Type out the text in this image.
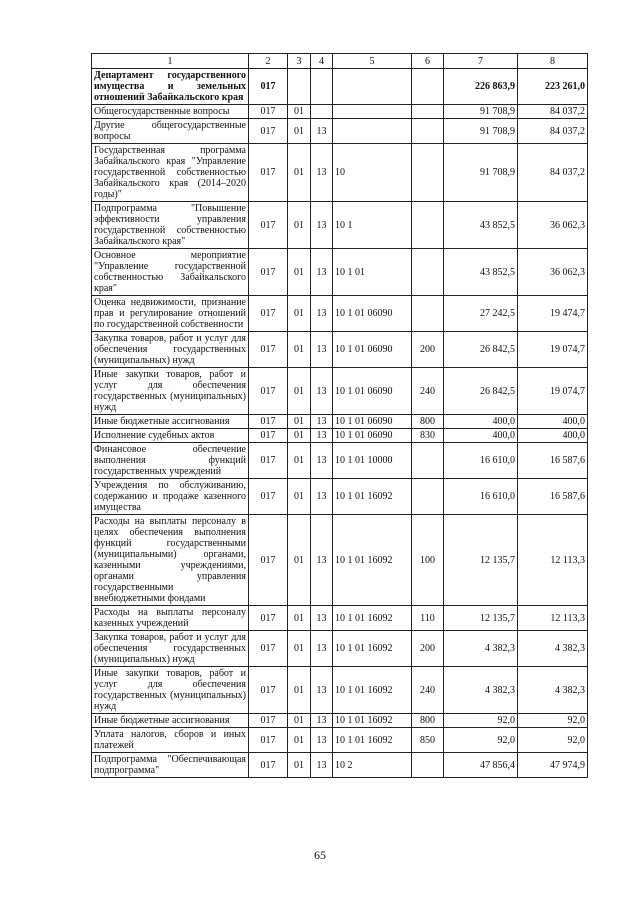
1	2	3	4	5	6	7	8
Департамент государственного имущества и земельных отношений Забайкальского края	017					226 863,9	223 261,0
Общегосударственные вопросы	017	01				91 708,9	84 037,2
Другие общегосударственные вопросы	017	01	13			91 708,9	84 037,2
Государственная программа Забайкальского края "Управление государственной собственностью Забайкальского края (2014–2020 годы)"	017	01	13	10		91 708,9	84 037,2
Подпрограмма "Повышение эффективности управления государственной собственностью Забайкальского края"	017	01	13	10 1		43 852,5	36 062,3
Основное мероприятие "Управление государственной собственностью Забайкальского края"	017	01	13	10 1 01		43 852,5	36 062,3
Оценка недвижимости, признание прав и регулирование отношений по государственной собственности	017	01	13	10 1 01 06090		27 242,5	19 474,7
Закупка товаров, работ и услуг для обеспечения государственных (муниципальных) нужд	017	01	13	10 1 01 06090	200	26 842,5	19 074,7
Иные закупки товаров, работ и услуг для обеспечения государственных (муниципальных) нужд	017	01	13	10 1 01 06090	240	26 842,5	19 074,7
Иные бюджетные ассигнования	017	01	13	10 1 01 06090	800	400,0	400,0
Исполнение судебных актов	017	01	13	10 1 01 06090	830	400,0	400,0
Финансовое обеспечение выполнения функций государственных учреждений	017	01	13	10 1 01 10000		16 610,0	16 587,6
Учреждения по обслуживанию, содержанию и продаже казенного имущества	017	01	13	10 1 01 16092		16 610,0	16 587,6
Расходы на выплаты персоналу в целях обеспечения выполнения функций государственными (муниципальными) органами, казенными учреждениями, органами управления государственными внебюджетными фондами	017	01	13	10 1 01 16092	100	12 135,7	12 113,3
Расходы на выплаты персоналу казенных учреждений	017	01	13	10 1 01 16092	110	12 135,7	12 113,3
Закупка товаров, работ и услуг для обеспечения государственных (муниципальных) нужд	017	01	13	10 1 01 16092	200	4 382,3	4 382,3
Иные закупки товаров, работ и услуг для обеспечения государственных (муниципальных) нужд	017	01	13	10 1 01 16092	240	4 382,3	4 382,3
Иные бюджетные ассигнования	017	01	13	10 1 01 16092	800	92,0	92,0
Уплата налогов, сборов и иных платежей	017	01	13	10 1 01 16092	850	92,0	92,0
Подпрограмма "Обеспечивающая подпрограмма"	017	01	13	10 2		47 856,4	47 974,9
65
